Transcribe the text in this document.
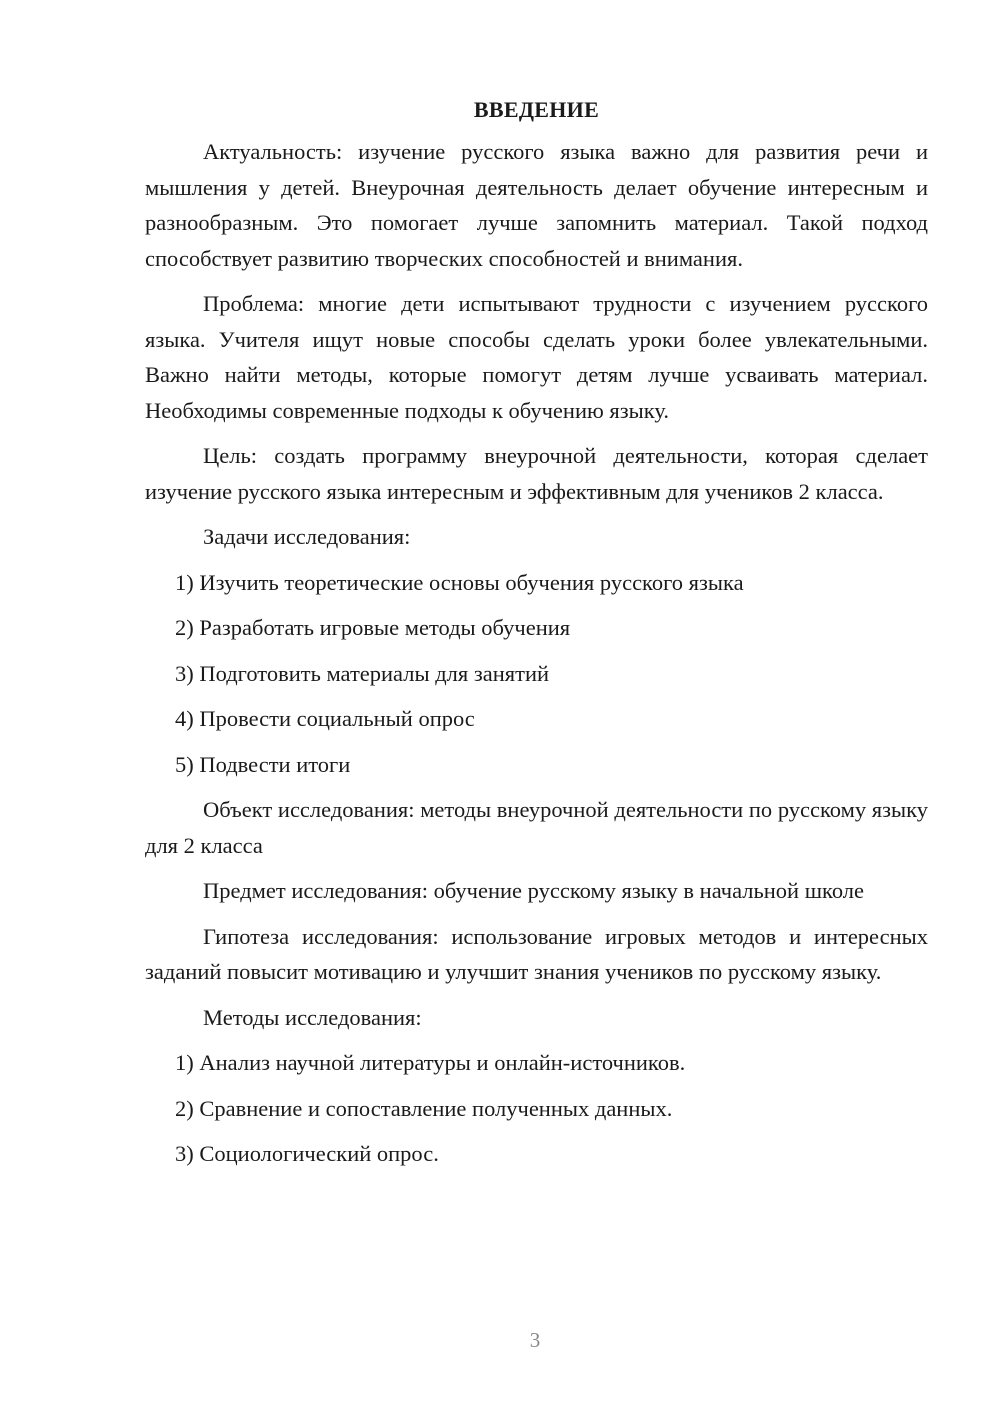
ВВЕДЕНИЕ

Актуальность: изучение русского языка важно для развития речи и мышления у детей. Внеурочная деятельность делает обучение интересным и разнообразным. Это помогает лучше запомнить материал. Такой подход способствует развитию творческих способностей и внимания.

Проблема: многие дети испытывают трудности с изучением русского языка. Учителя ищут новые способы сделать уроки более увлекательными. Важно найти методы, которые помогут детям лучше усваивать материал. Необходимы современные подходы к обучению языку.

Цель: создать программу внеурочной деятельности, которая сделает изучение русского языка интересным и эффективным для учеников 2 класса.

Задачи исследования:

1) Изучить теоретические основы обучения русского языка

2) Разработать игровые методы обучения

3) Подготовить материалы для занятий

4) Провести социальный опрос

5) Подвести итоги

Объект исследования: методы внеурочной деятельности по русскому языку для 2 класса

Предмет исследования: обучение русскому языку в начальной школе

Гипотеза исследования: использование игровых методов и интересных заданий повысит мотивацию и улучшит знания учеников по русскому языку.

Методы исследования:

1) Анализ научной литературы и онлайн-источников.

2) Сравнение и сопоставление полученных данных.

3) Социологический опрос.

3
